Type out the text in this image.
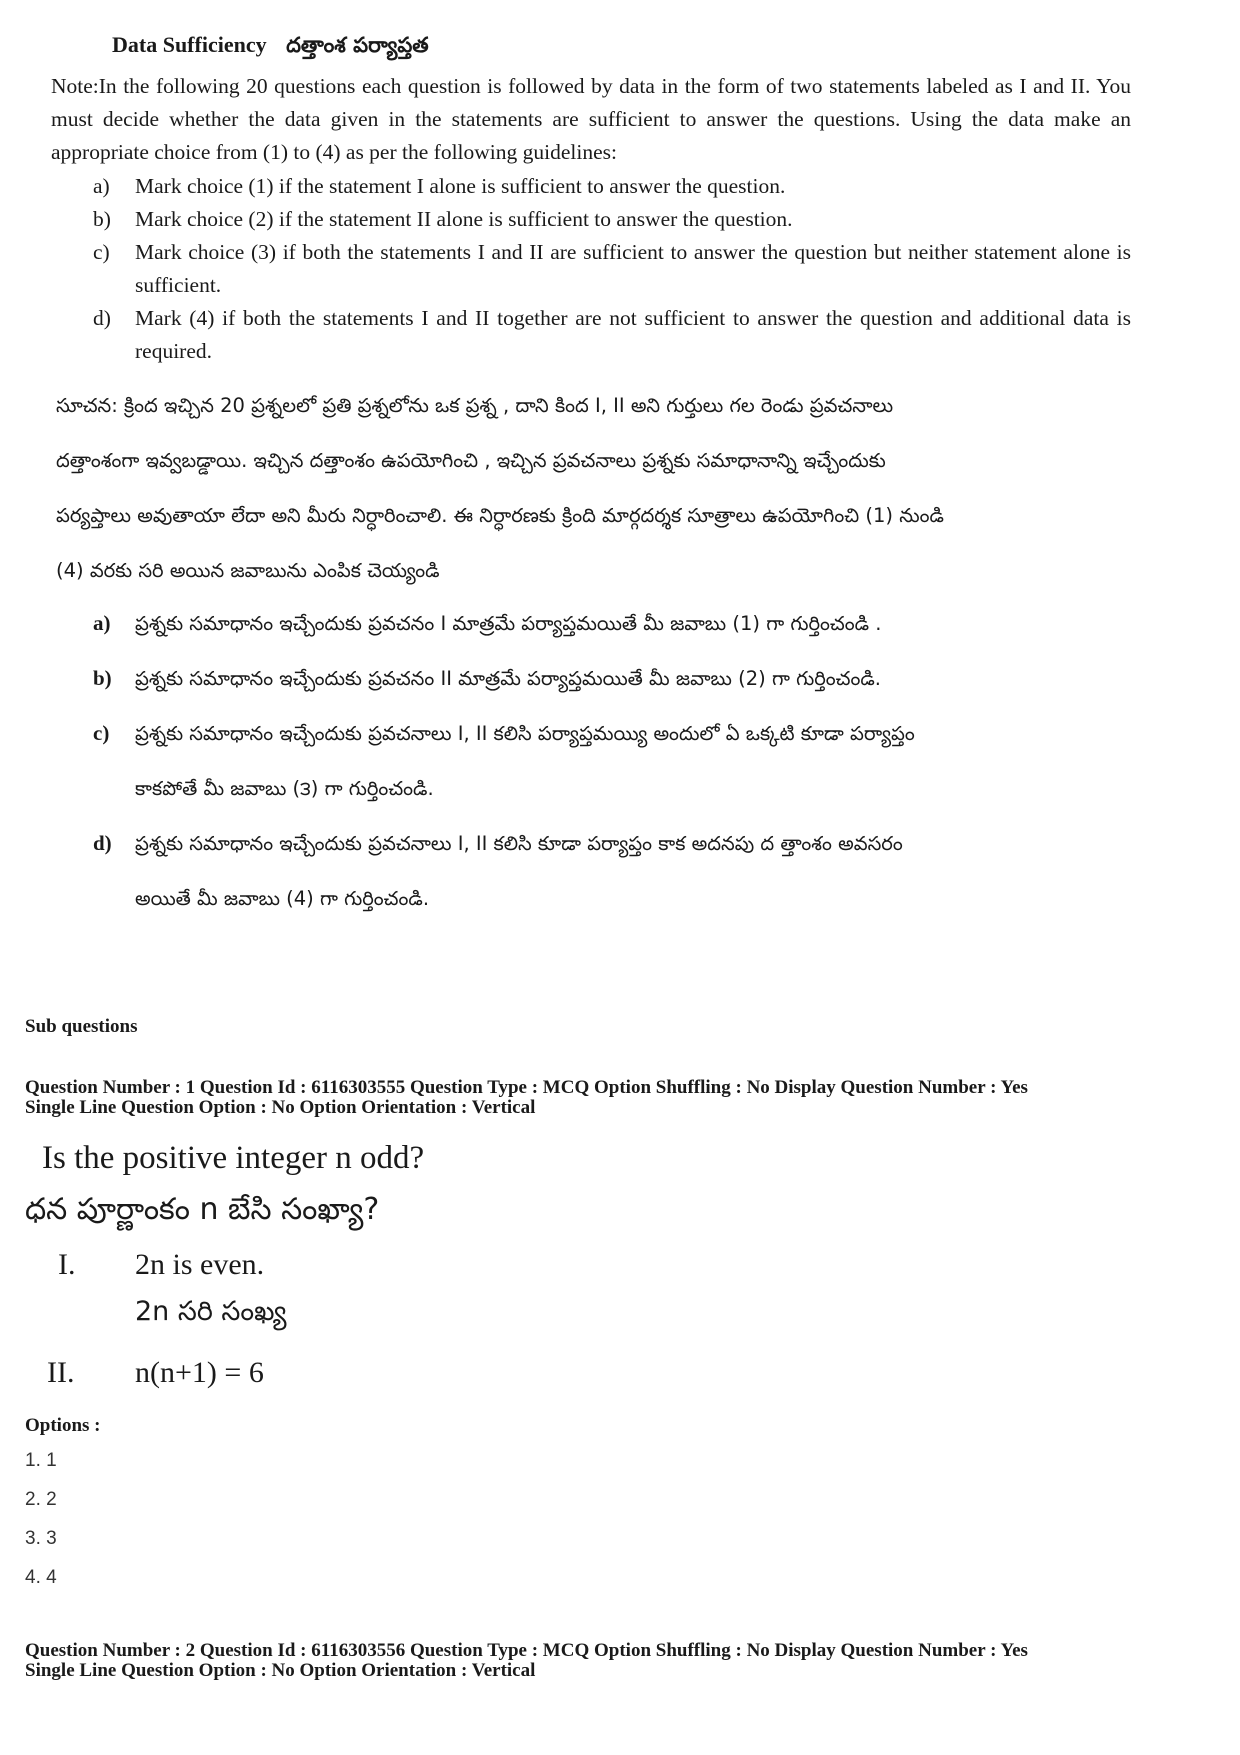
Data Sufficiency దత్తాంశ పర్యాప్తత
Note:In the following 20 questions each question is followed by data in the form of two statements labeled as I and II. You must decide whether the data given in the statements are sufficient to answer the questions. Using the data make an appropriate choice from (1) to (4) as per the following guidelines:
a)	Mark choice (1) if the statement I alone is sufficient to answer the question.
b)	Mark choice (2) if the statement II alone is sufficient to answer the question.
c)	Mark choice (3) if both the statements I and II are sufficient to answer the question but neither statement alone is sufficient.
d)	Mark (4) if both the statements I and II together are not sufficient to answer the question and additional data is required.
సూచన: క్రింద ఇచ్చిన 20 ప్రశ్నలలో ప్రతి ప్రశ్నలోను ఒక ప్రశ్న , దాని కింద I, II అని గుర్తులు గల రెండు ప్రవచనాలు
దత్తాంశంగా ఇవ్వబడ్డాయి. ఇచ్చిన దత్తాంశం ఉపయోగించి , ఇచ్చిన ప్రవచనాలు ప్రశ్నకు సమాధానాన్ని ఇచ్చేందుకు
పర్యప్తాలు అవుతాయా లేదా అని మీరు నిర్ధారించాలి. ఈ నిర్ధారణకు క్రింది మార్గదర్శక సూత్రాలు ఉపయోగించి (1) నుండి
(4) వరకు సరి అయిన జవాబును ఎంపిక చెయ్యండి
a)	ప్రశ్నకు సమాధానం ఇచ్చేందుకు ప్రవచనం I మాత్రమే పర్యాప్తమయితే మీ జవాబు (1) గా గుర్తించండి .
b)	ప్రశ్నకు సమాధానం ఇచ్చేందుకు ప్రవచనం II మాత్రమే పర్యాప్తమయితే మీ జవాబు (2) గా గుర్తించండి.
c)	ప్రశ్నకు సమాధానం ఇచ్చేందుకు ప్రవచనాలు I, II కలిసి పర్యాప్తమయ్యి అందులో ఏ ఒక్కటి కూడా పర్యాప్తం
కాకపోతే మీ జవాబు (౩) గా గుర్తించండి.
d)	ప్రశ్నకు సమాధానం ఇచ్చేందుకు ప్రవచనాలు I, II కలిసి కూడా పర్యాప్తం కాక అదనపు ద త్తాంశం అవసరం
అయితే మీ జవాబు (4) గా గుర్తించండి.
Sub questions
Question Number : 1 Question Id : 6116303555 Question Type : MCQ Option Shuffling : No Display Question Number : Yes
Single Line Question Option : No Option Orientation : Vertical
Is the positive integer n odd?
ధన పూర్ణాంకం n బేసి సంఖ్యా?
I. 2n is even.
2n సరి సంఖ్య
II. n(n+1) = 6
Options :
1. 1
2. 2
3. 3
4. 4
Question Number : 2 Question Id : 6116303556 Question Type : MCQ Option Shuffling : No Display Question Number : Yes
Single Line Question Option : No Option Orientation : Vertical
